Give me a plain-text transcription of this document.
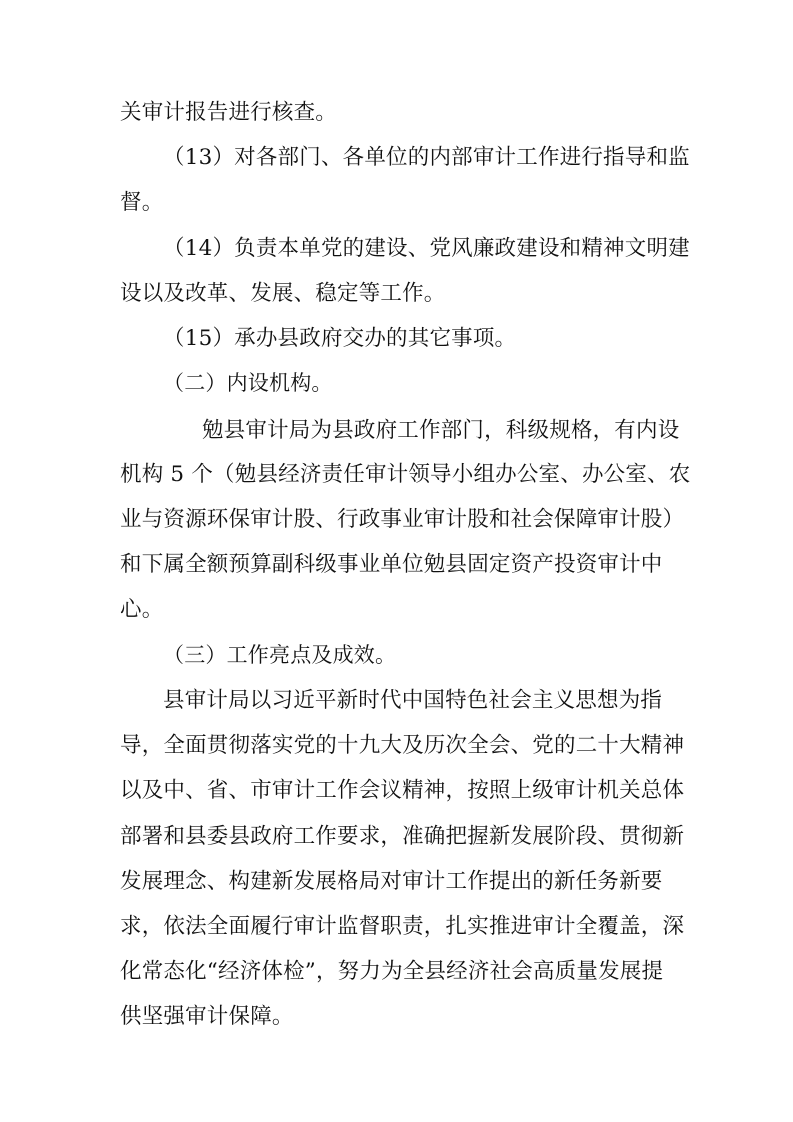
关审计报告进行核查。
（13）对各部门、各单位的内部审计工作进行指导和监
督。
（14）负责本单党的建设、党风廉政建设和精神文明建
设以及改革、发展、稳定等工作。
（15）承办县政府交办的其它事项。
（二）内设机构。
勉县审计局为县政府工作部门，科级规格，有内设
机构 5 个（勉县经济责任审计领导小组办公室、办公室、农
业与资源环保审计股、行政事业审计股和社会保障审计股）
和下属全额预算副科级事业单位勉县固定资产投资审计中
心。
（三）工作亮点及成效。
县审计局以习近平新时代中国特色社会主义思想为指
导，全面贯彻落实党的十九大及历次全会、党的二十大精神
以及中、省、市审计工作会议精神，按照上级审计机关总体
部署和县委县政府工作要求，准确把握新发展阶段、贯彻新
发展理念、构建新发展格局对审计工作提出的新任务新要
求，依法全面履行审计监督职责，扎实推进审计全覆盖，深
化常态化“经济体检”，努力为全县经济社会高质量发展提
供坚强审计保障。
